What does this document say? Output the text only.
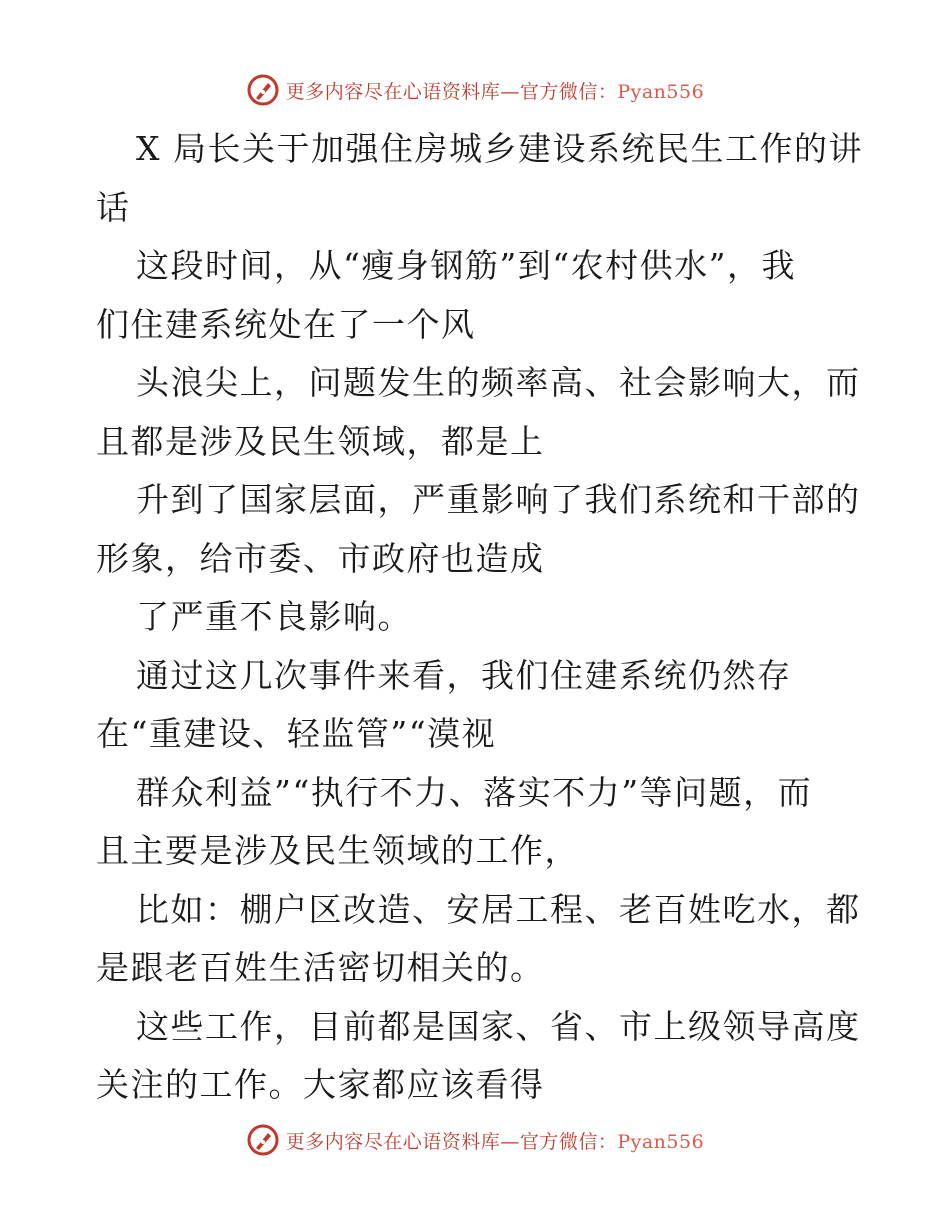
更多内容尽在心语资料库—官方微信：Pyan556
X 局长关于加强住房城乡建设系统民生工作的讲
话
这段时间，从“瘦身钢筋”到“农村供水”，我
们住建系统处在了一个风
头浪尖上，问题发生的频率高、社会影响大，而
且都是涉及民生领域，都是上
升到了国家层面，严重影响了我们系统和干部的
形象，给市委、市政府也造成
了严重不良影响。
通过这几次事件来看，我们住建系统仍然存
在“重建设、轻监管”“漠视
群众利益”“执行不力、落实不力”等问题，而
且主要是涉及民生领域的工作，
比如：棚户区改造、安居工程、老百姓吃水，都
是跟老百姓生活密切相关的。
这些工作，目前都是国家、省、市上级领导高度
关注的工作。大家都应该看得
更多内容尽在心语资料库—官方微信：Pyan556
